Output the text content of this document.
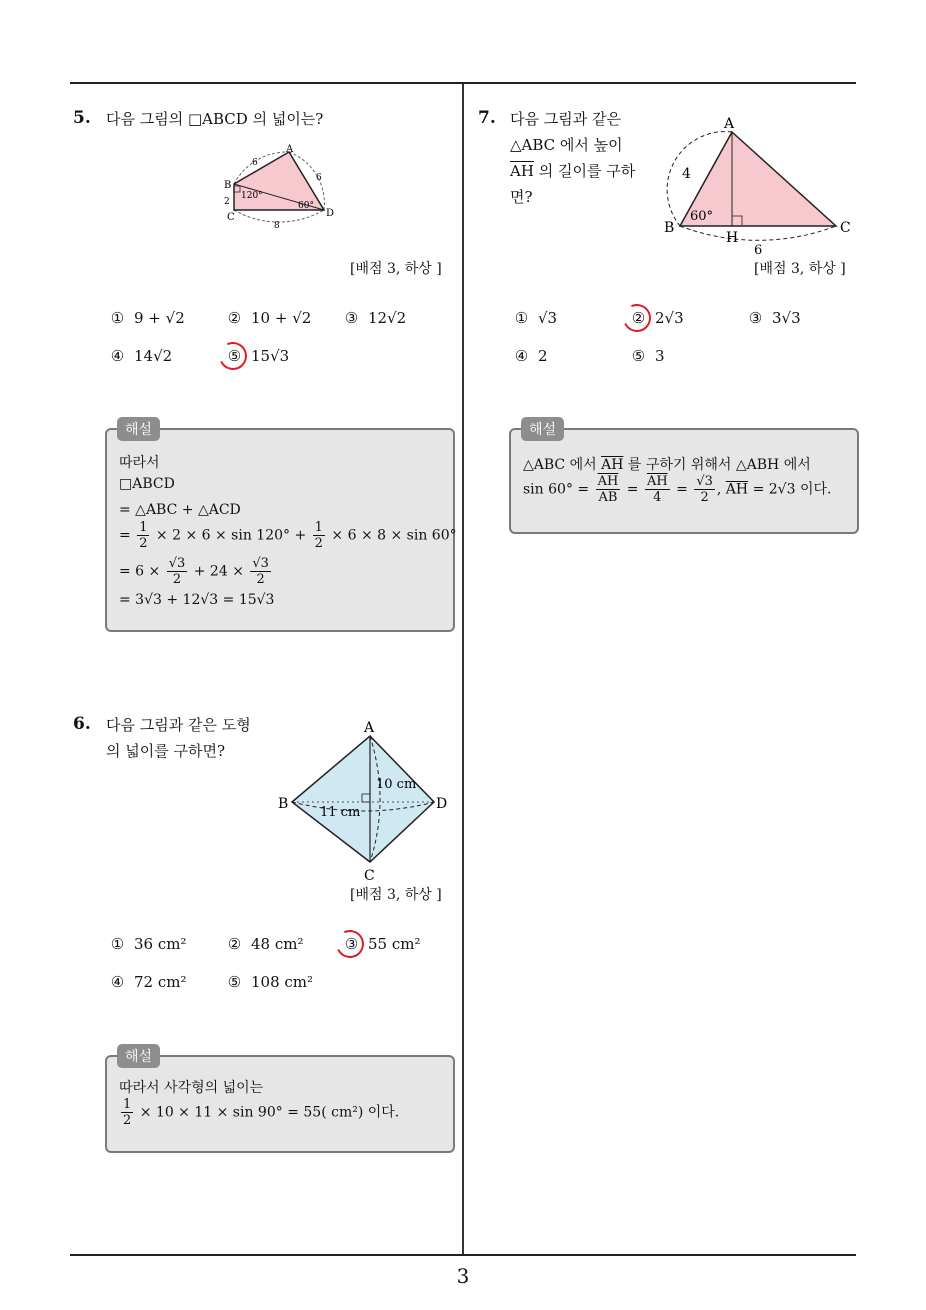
3
5. 다음 그림의 □ABCD 의 넓이는?
A
B
C	D
6
6
2
8
120°
60°
[배점 3, 하상 ]
① 9 + √2	② 10 + √2 ③ 12√2
④ 14√2	⑤ 15√3
해설
따라서
□ABCD
= △ABC + △ACD
= $\frac{1}{2} \times 2 \times 6 \times \sin 120^\circ + \frac{1}{2} \times 6 \times 8 \times \sin 60^\circ$
= $6 \times \frac{√3}{2} + 24 \times \frac{√3}{2}$
= 3√3 + 12√3 = 15√3
6. 다음 그림과 같은 도형
의 넓이를 구하면?
A
B
C
D
10 cm
11 cm
[배점 3, 하상 ]
① 36 cm²	② 48 cm²	③ 55 cm²
④ 72 cm²	⑤ 108 cm²
해설
따라서 사각형의 넓이는
$\frac{1}{2} \times 10 \times 11 \times \sin 90^\circ = 55$( cm²) 이다.
7. 다음 그림과 같은
△ABC 에서 높이
$\overline{AH}$ 의 길이를 구하
면?
A
B	C
H
4
6
60°
[배점 3, 하상 ]
① √3	② 2√3	③ 3√3
④ 2	⑤ 3
해설
△ABC 에서 $\overline{AH}$ 를 구하기 위해서 △ABH 에서
$\sin 60^\circ = \frac{\overline{AH}}{AB} = \frac{\overline{AH}}{4} = \frac{√3}{2}$ , $\overline{AH} = 2√3$ 이다.
